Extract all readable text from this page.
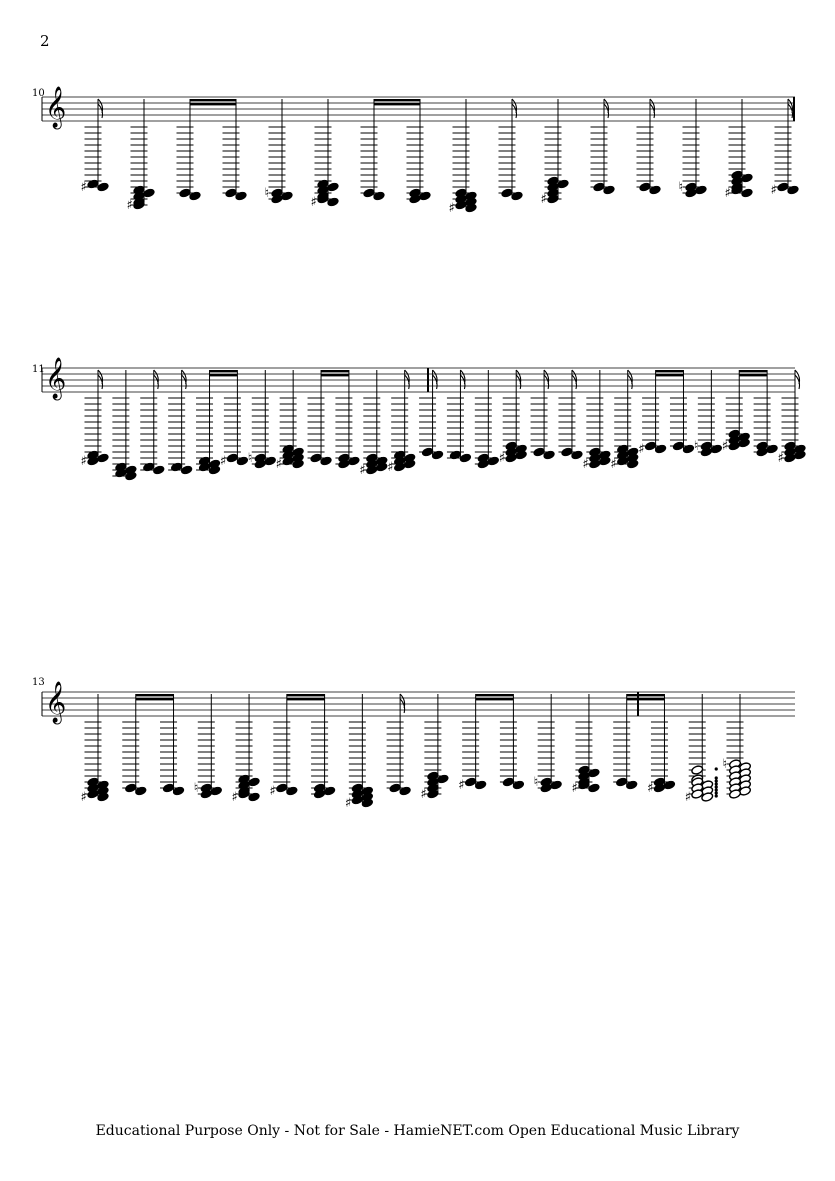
2
10 𝄞
♯
♯
♮
♯	♯
♯
♮	♯	♯
11 𝄞
♯	♯ ♮ ♯	♯ ♯
♯	♯ ♯
♯	♮ ♯
♯
13 𝄞
♯
♮
♯ ♯
♯
♯
♯	♮	♯	♯
♯
♮
Educational Purpose Only - Not for Sale - HamieNET.com Open Educational Music Library
